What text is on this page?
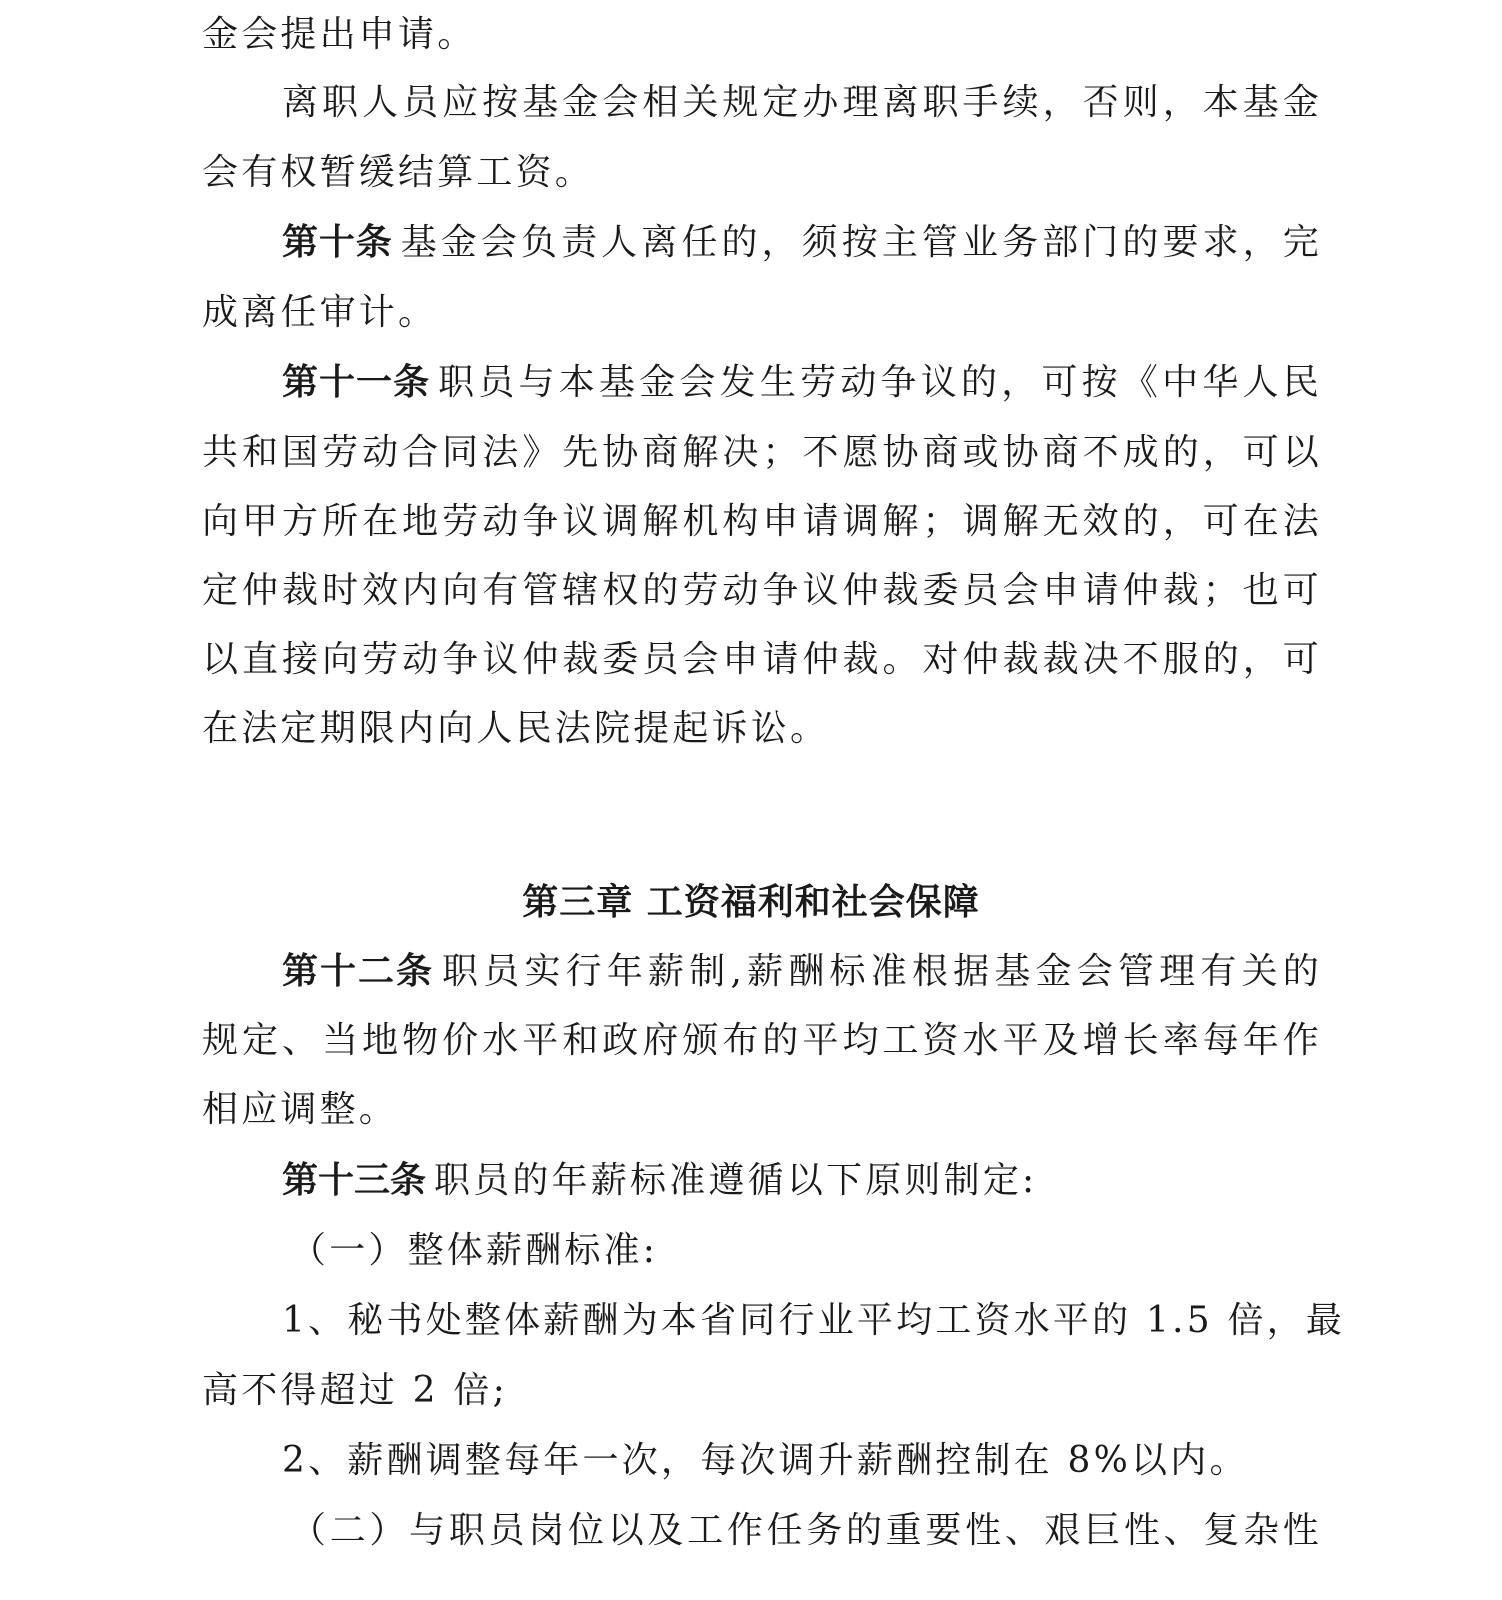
金会提出申请。
离职人员应按基金会相关规定办理离职手续，否则，本基金
会有权暂缓结算工资。
第十条 基金会负责人离任的，须按主管业务部门的要求，完
成离任审计。
第十一条 职员与本基金会发生劳动争议的，可按《中华人民
共和国劳动合同法》先协商解决；不愿协商或协商不成的，可以
向甲方所在地劳动争议调解机构申请调解；调解无效的，可在法
定仲裁时效内向有管辖权的劳动争议仲裁委员会申请仲裁；也可
以直接向劳动争议仲裁委员会申请仲裁。对仲裁裁决不服的，可
在法定期限内向人民法院提起诉讼。
第三章 工资福利和社会保障
第十二条 职员实行年薪制,薪酬标准根据基金会管理有关的
规定、当地物价水平和政府颁布的平均工资水平及增长率每年作
相应调整。
第十三条 职员的年薪标准遵循以下原则制定:
（一）整体薪酬标准:
1、秘书处整体薪酬为本省同行业平均工资水平的 1.5 倍，最
高不得超过 2 倍;
2、薪酬调整每年一次，每次调升薪酬控制在 8%以内。
（二）与职员岗位以及工作任务的重要性、艰巨性、复杂性
